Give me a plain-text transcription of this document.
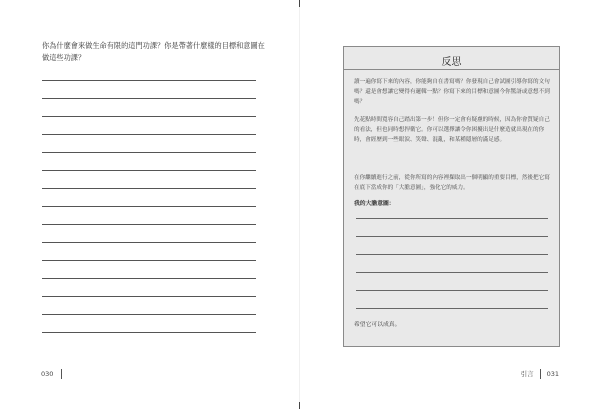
你為什麼會來做生命有限的這門功課？你是帶著什麼樣的目標和意圖在做這些功課？
030
反思
讀一遍你寫下來的內容，你能夠自在書寫嗎？你發現自己會試圖引導你寫的文句嗎？還是會想讓它變得有邏輯一點？你寫下來的目標和意圖今你驚訝或意想不到嗎？
先花點時間寬容自己踏出第一步！但你一定會有疑慮的時候，因為你會質疑自己的看法，但也同時想捍衛它。你可以選擇讓令你困擾出是什麼造就出現在的你時，會經歷到一些眼淚、笑聲、混亂，和某種隱層的滿足感。
在你繼續進行之前，從你所寫的內容裡擷取出一個明顯的重要目標，然後把它寫在底下當成你的「大膽意圖」，強化它的威力。
我的大膽意圖：
希望它可以成真。
引言 031
